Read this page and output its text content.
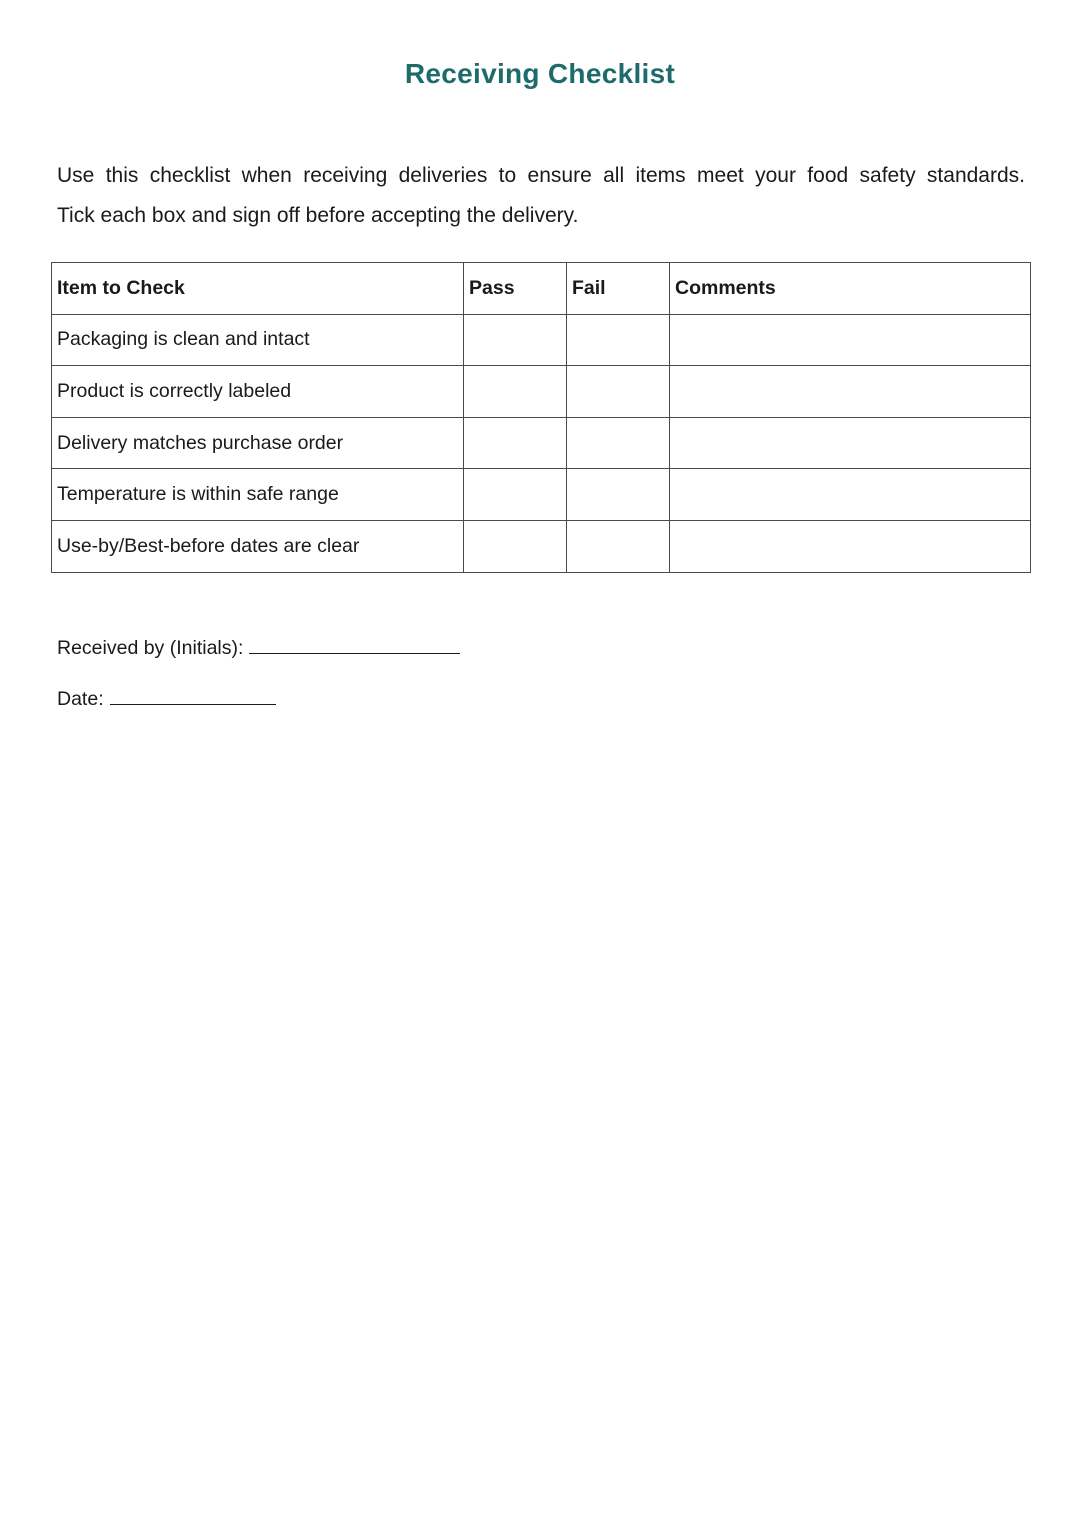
Receiving Checklist

Use this checklist when receiving deliveries to ensure all items meet your food safety standards.
Tick each box and sign off before accepting the delivery.

Item to Check	Pass	Fail	Comments
Packaging is clean and intact			
Product is correctly labeled			
Delivery matches purchase order			
Temperature is within safe range			
Use-by/Best-before dates are clear			
Received by (Initials):
Date:
